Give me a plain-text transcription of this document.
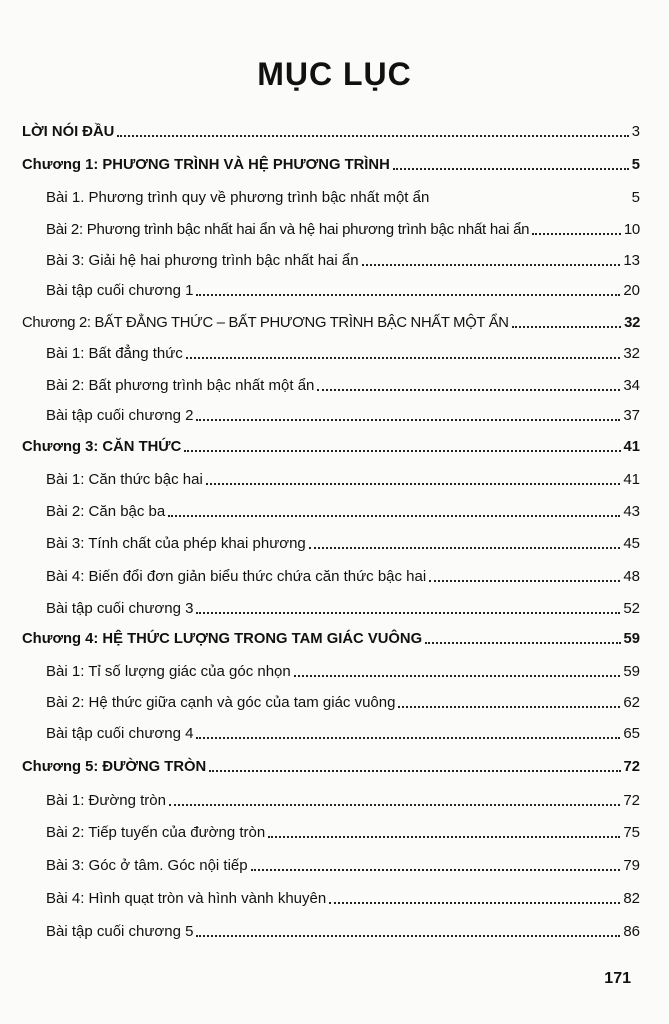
MỤC LỤC
LỜI NÓI ĐẦU	3
Chương 1: PHƯƠNG TRÌNH VÀ HỆ PHƯƠNG TRÌNH	5
Bài 1. Phương trình quy về phương trình bậc nhất một ẩn	5
Bài 2: Phương trình bậc nhất hai ẩn và hệ hai phương trình bậc nhất hai ẩn	10
Bài 3: Giải hệ hai phương trình bậc nhất hai ẩn	13
Bài tập cuối chương 1	20
Chương 2: BẤT ĐẲNG THỨC – BẤT PHƯƠNG TRÌNH BẬC NHẤT MỘT ẨN	32
Bài 1: Bất đẳng thức	32
Bài 2: Bất phương trình bậc nhất một ẩn	34
Bài tập cuối chương 2	37
Chương 3: CĂN THỨC	41
Bài 1: Căn thức bậc hai	41
Bài 2: Căn bậc ba	43
Bài 3: Tính chất của phép khai phương	45
Bài 4: Biến đổi đơn giản biểu thức chứa căn thức bậc hai	48
Bài tập cuối chương 3	52
Chương 4: HỆ THỨC LƯỢNG TRONG TAM GIÁC VUÔNG	59
Bài 1: Tỉ số lượng giác của góc nhọn	59
Bài 2: Hệ thức giữa cạnh và góc của tam giác vuông	62
Bài tập cuối chương 4	65
Chương 5: ĐƯỜNG TRÒN	72
Bài 1: Đường tròn	72
Bài 2: Tiếp tuyến của đường tròn	75
Bài 3: Góc ở tâm. Góc nội tiếp	79
Bài 4: Hình quạt tròn và hình vành khuyên	82
Bài tập cuối chương 5	86
171
